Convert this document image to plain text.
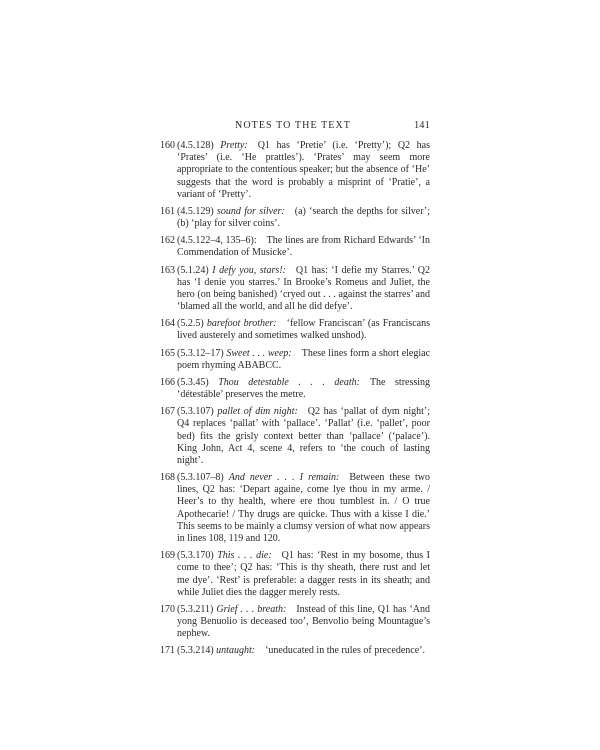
NOTES TO THE TEXT	141
160 (4.5.128) Pretty:  Q1 has ‘Pretie’ (i.e. ‘Pretty’); Q2 has ‘Prates’ (i.e. ‘He prattles’). ‘Prates’ may seem more appropriate to the contentious speaker; but the absence of ‘He’ suggests that the word is probably a misprint of ‘Pratie’, a variant of ‘Pretty’.
161 (4.5.129) sound for silver:  (a) ‘search the depths for silver’; (b) ‘play for silver coins’.
162 (4.5.122–4, 135–6):  The lines are from Richard Edwards’ ‘In Commendation of Musicke’.
163 (5.1.24) I defy you, stars!:  Q1 has: ‘I defie my Starres.’ Q2 has ‘I denie you starres.’ In Brooke’s Romeus and Juliet, the hero (on being banished) ‘cryed out . . . against the starres’ and ‘blamed all the world, and all he did defye’.
164 (5.2.5) barefoot brother:  ‘fellow Franciscan’ (as Franciscans lived austerely and sometimes walked unshod).
165 (5.3.12–17) Sweet . . . weep:  These lines form a short elegiac poem rhyming ABABCC.
166 (5.3.45) Thou detestable . . . death:  The stressing ‘détestáble’ preserves the metre.
167 (5.3.107) pallet of dim night:  Q2 has ‘pallat of dym night’; Q4 replaces ‘pallat’ with ‘pallace’. ‘Pallat’ (i.e. ‘pallet’, poor bed) fits the grisly context better than ‘pallace’ (‘palace’). King John, Act 4, scene 4, refers to ‘the couch of lasting night’.
168 (5.3.107–8) And never . . . I remain:  Between these two lines, Q2 has: ‘Depart againe, come lye thou in my arme. / Heer’s to thy health, where ere thou tumblest in. / O true Apothecarie! / Thy drugs are quicke. Thus with a kisse I die.’ This seems to be mainly a clumsy version of what now appears in lines 108, 119 and 120.
169 (5.3.170) This . . . die:  Q1 has: ‘Rest in my bosome, thus I come to thee’; Q2 has: ‘This is thy sheath, there rust and let me dye’. ‘Rest’ is preferable: a dagger rests in its sheath; and while Juliet dies the dagger merely rests.
170 (5.3.211) Grief . . . breath:  Instead of this line, Q1 has ‘And yong Benuolio is deceased too’, Benvolio being Mountague’s nephew.
171 (5.3.214) untaught:  ‘uneducated in the rules of precedence’.
